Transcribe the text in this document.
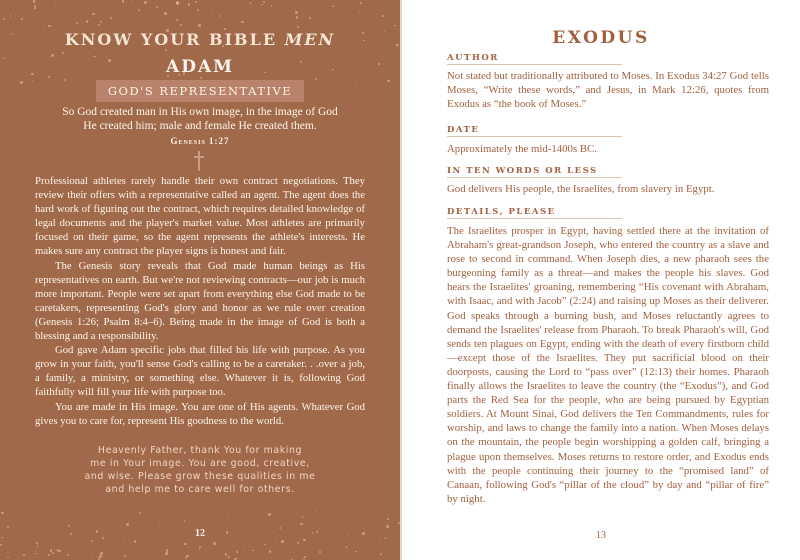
KNOW YOUR BIBLE MEN
ADAM
GOD'S REPRESENTATIVE
So God created man in His own image, in the image of God
He created him; male and female He created them.
Genesis 1:27

Professional athletes rarely handle their own contract negotiations. They review their offers with a representative called an agent. The agent does the hard work of figuring out the contract, which requires detailed knowledge of legal documents and the player's market value. Most athletes are primarily focused on their game, so the agent represents the athlete's interests. He makes sure any contract the player signs is honest and fair.

The Genesis story reveals that God made human beings as His representatives on earth. But we're not reviewing contracts—our job is much more important. People were set apart from everything else God made to be caretakers, representing God's glory and honor as we rule over creation (Genesis 1:26; Psalm 8:4–6). Being made in the image of God is both a blessing and a responsibility.

God gave Adam specific jobs that filled his life with purpose. As you grow in your faith, you'll sense God's calling to be a caretaker. . .over a job, a family, a ministry, or something else. Whatever it is, following God faithfully will fill your life with purpose too.

You are made in His image. You are one of His agents. Whatever God gives you to care for, represent His goodness to the world.

Heavenly Father, thank You for making
me in Your image. You are good, creative,
and wise. Please grow these qualities in me
and help me to care well for others.
12
EXODUS
AUTHOR
Not stated but traditionally attributed to Moses. In Exodus 34:27 God tells Moses, “Write these words,” and Jesus, in Mark 12:26, quotes from Exodus as “the book of Moses.”
DATE
Approximately the mid-1400s BC.
IN TEN WORDS OR LESS
God delivers His people, the Israelites, from slavery in Egypt.
DETAILS, PLEASE
The Israelites prosper in Egypt, having settled there at the invitation of Abraham's great-grandson Joseph, who entered the country as a slave and rose to second in command. When Joseph dies, a new pharaoh sees the burgeoning family as a threat—and makes the people his slaves. God hears the Israelites' groaning, remembering “His covenant with Abraham, with Isaac, and with Jacob” (2:24) and raising up Moses as their deliverer. God speaks through a burning bush, and Moses reluctantly agrees to demand the Israelites' release from Pharaoh. To break Pharaoh's will, God sends ten plagues on Egypt, ending with the death of every firstborn child—except those of the Israelites. They put sacrificial blood on their doorposts, causing the Lord to “pass over” (12:13) their homes. Pharaoh finally allows the Israelites to leave the country (the “Exodus”), and God parts the Red Sea for the people, who are being pursued by Egyptian soldiers. At Mount Sinai, God delivers the Ten Commandments, rules for worship, and laws to change the family into a nation. When Moses delays on the mountain, the people begin worshipping a golden calf, bringing a plague upon themselves. Moses returns to restore order, and Exodus ends with the people continuing their journey to the “promised land” of Canaan, following God's “pillar of the cloud” by day and “pillar of fire” by night.
13
